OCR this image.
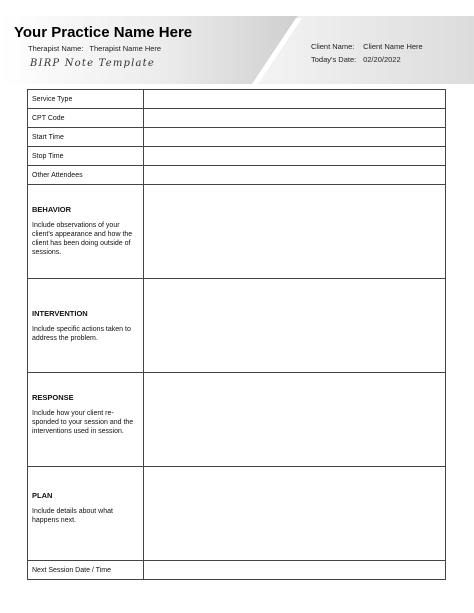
Your Practice Name Here
Therapist Name: Therapist Name Here
BIRP Note Template
Client Name: Client Name Here
Today's Date: 02/20/2022
Service Type	
CPT Code	
Start Time	
Stop Time	
Other Attendees	

BEHAVIOR
Include observations of your client's appearance and how the client has been doing outside of sessions.	

INTERVENTION
Include specific actions taken to address the problem.	

RESPONSE
Include how your client re-sponded to your session and the interventions used in session.	

PLAN
Include details about what happens next.	

Next Session Date / Time	
